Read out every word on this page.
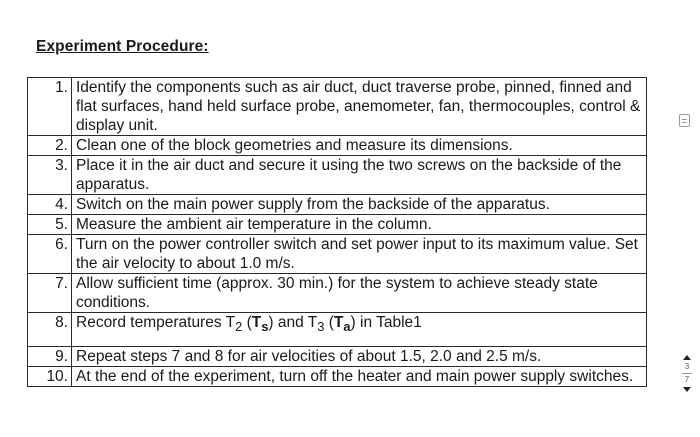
Experiment Procedure:
1.	Identify the components such as air duct, duct traverse probe, pinned, finned and flat surfaces, hand held surface probe, anemometer, fan, thermocouples, control & display unit.
2.	Clean one of the block geometries and measure its dimensions.
3.	Place it in the air duct and secure it using the two screws on the backside of the apparatus.
4.	Switch on the main power supply from the backside of the apparatus.
5.	Measure the ambient air temperature in the column.
6.	Turn on the power controller switch and set power input to its maximum value. Set the air velocity to about 1.0 m/s.
7.	Allow sufficient time (approx. 30 min.) for the system to achieve steady state conditions.
8.	Record temperatures $T_2$ $(T_s)$ and $T_3$ $(T_a)$ in Table1
9.	Repeat steps 7 and 8 for air velocities of about 1.5, 2.0 and 2.5 m/s.
10.	At the end of the experiment, turn off the heater and main power supply switches.
3
7
